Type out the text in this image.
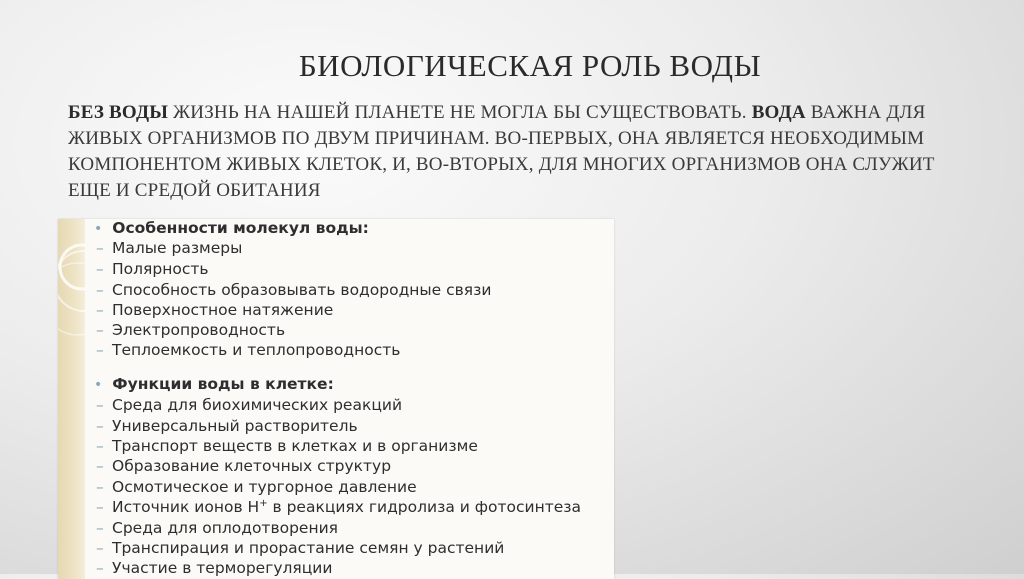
БИОЛОГИЧЕСКАЯ РОЛЬ ВОДЫ
БЕЗ ВОДЫ ЖИЗНЬ НА НАШЕЙ ПЛАНЕТЕ НЕ МОГЛА БЫ СУЩЕСТВОВАТЬ. ВОДА ВАЖНА ДЛЯ ЖИВЫХ ОРГАНИЗМОВ ПО ДВУМ ПРИЧИНАМ. ВО-ПЕРВЫХ, ОНА ЯВЛЯЕТСЯ НЕОБХОДИМЫМ КОМПОНЕНТОМ ЖИВЫХ КЛЕТОК, И, ВО-ВТОРЫХ, ДЛЯ МНОГИХ ОРГАНИЗМОВ ОНА СЛУЖИТ ЕЩЕ И СРЕДОЙ ОБИТАНИЯ
• Особенности молекул воды:
– Малые размеры
– Полярность
– Способность образовывать водородные связи
– Поверхностное натяжение
– Электропроводность
– Теплоемкость и теплопроводность
• Функции воды в клетке:
– Среда для биохимических реакций
– Универсальный растворитель
– Транспорт веществ в клетках и в организме
– Образование клеточных структур
– Осмотическое и тургорное давление
– Источник ионов Н+ в реакциях гидролиза и фотосинтеза
– Среда для оплодотворения
– Транспирация и прорастание семян у растений
– Участие в терморегуляции
